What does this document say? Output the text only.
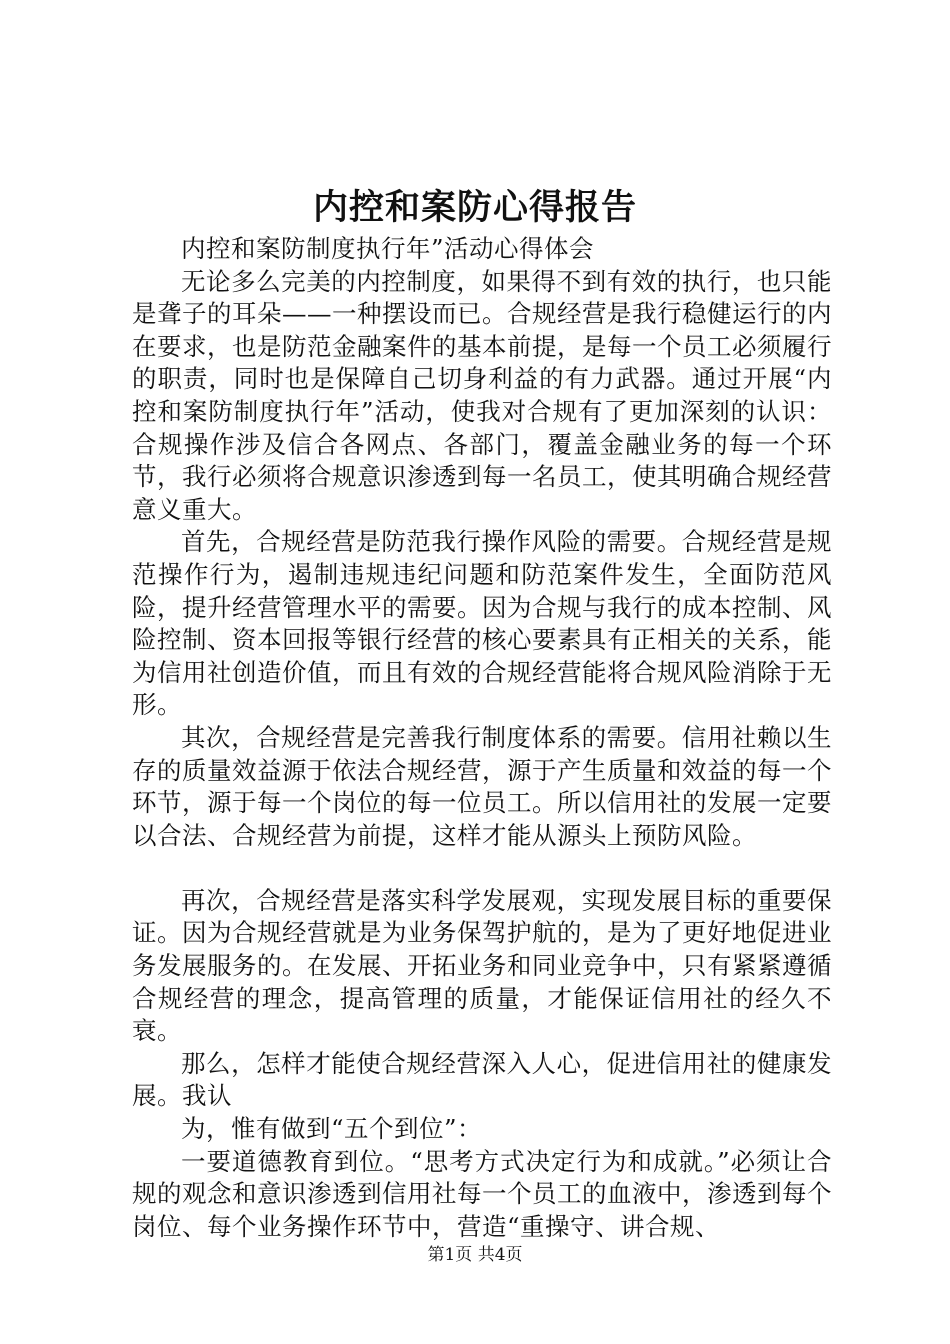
内控和案防心得报告

内控和案防制度执行年”活动心得体会

无论多么完美的内控制度，如果得不到有效的执行，也只能是聋子的耳朵——一种摆设而已。合规经营是我行稳健运行的内在要求，也是防范金融案件的基本前提，是每一个员工必须履行的职责，同时也是保障自己切身利益的有力武器。通过开展“内控和案防制度执行年”活动，使我对合规有了更加深刻的认识：合规操作涉及信合各网点、各部门，覆盖金融业务的每一个环节，我行必须将合规意识渗透到每一名员工，使其明确合规经营意义重大。

首先，合规经营是防范我行操作风险的需要。合规经营是规范操作行为，遏制违规违纪问题和防范案件发生，全面防范风险，提升经营管理水平的需要。因为合规与我行的成本控制、风险控制、资本回报等银行经营的核心要素具有正相关的关系，能为信用社创造价值，而且有效的合规经营能将合规风险消除于无形。

其次，合规经营是完善我行制度体系的需要。信用社赖以生存的质量效益源于依法合规经营，源于产生质量和效益的每一个环节，源于每一个岗位的每一位员工。所以信用社的发展一定要以合法、合规经营为前提，这样才能从源头上预防风险。

再次，合规经营是落实科学发展观，实现发展目标的重要保证。因为合规经营就是为业务保驾护航的，是为了更好地促进业务发展服务的。在发展、开拓业务和同业竞争中，只有紧紧遵循合规经营的理念，提高管理的质量，才能保证信用社的经久不衰。

那么，怎样才能使合规经营深入人心，促进信用社的健康发展。我认

为，惟有做到“五个到位”：

一要道德教育到位。“思考方式决定行为和成就。”必须让合规的观念和意识渗透到信用社每一个员工的血液中，渗透到每个岗位、每个业务操作环节中，营造“重操守、讲合规、

第1页 共4页
